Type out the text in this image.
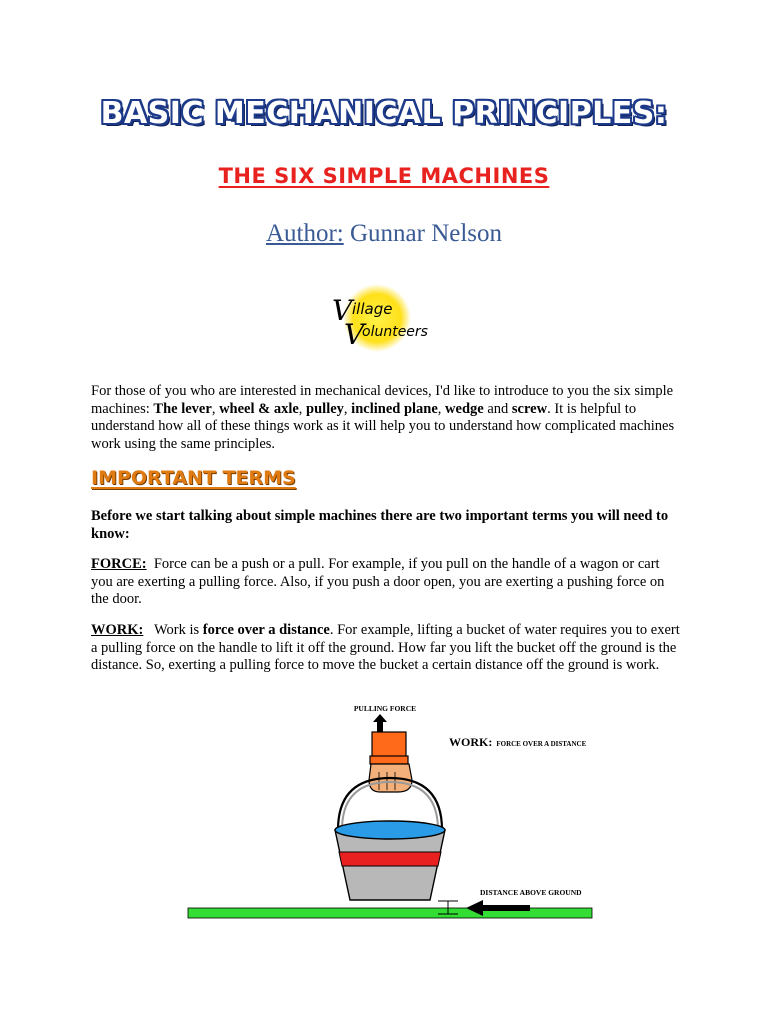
BASIC MECHANICAL PRINCIPLES:
THE SIX SIMPLE MACHINES
Author: Gunnar Nelson
V illage
V
olunteers
For those of you who are interested in mechanical devices, I'd like to introduce to you the six simple machines: The lever, wheel & axle, pulley, inclined plane, wedge and screw. It is helpful to understand how all of these things work as it will help you to understand how complicated machines work using the same principles.
IMPORTANT TERMS
Before we start talking about simple machines there are two important terms you will need to know:
FORCE:  Force can be a push or a pull. For example, if you pull on the handle of a wagon or cart you are exerting a pulling force. Also, if you push a door open, you are exerting a pushing force on the door.
WORK:   Work is force over a distance. For example, lifting a bucket of water requires you to exert a pulling force on the handle to lift it off the ground. How far you lift the bucket off the ground is the distance. So, exerting a pulling force to move the bucket a certain distance off the ground is work.
PULLING FORCE
WORK: FORCE OVER A DISTANCE
DISTANCE ABOVE GROUND
